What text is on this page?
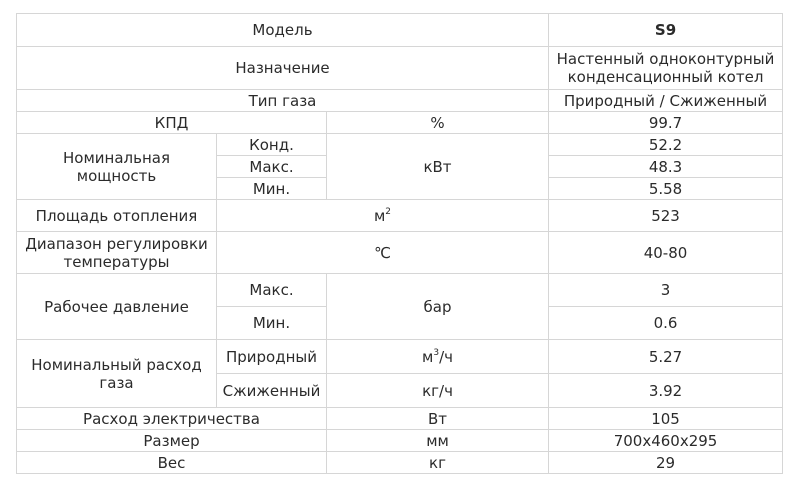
Модель			S9
Назначение			Настенный одноконтурный конденсационный котел
Тип газа			Природный / Сжиженный
КПД		%	99.7
Номинальная мощность	Конд.	кВт	52.2
	Макс.		48.3
	Мин.		5.58
Площадь отопления	$м^2$		523
Диапазон регулировки температуры	℃		40-80
Рабочее давление	Макс.	бар	3
	Мин.		0.6
Номинальный расход газа	Природный	$м^3/ч$	5.27
	Сжиженный	кг/ч	3.92
Расход электричества		Вт	105
Размер		мм	700x460x295
Вес		кг	29
